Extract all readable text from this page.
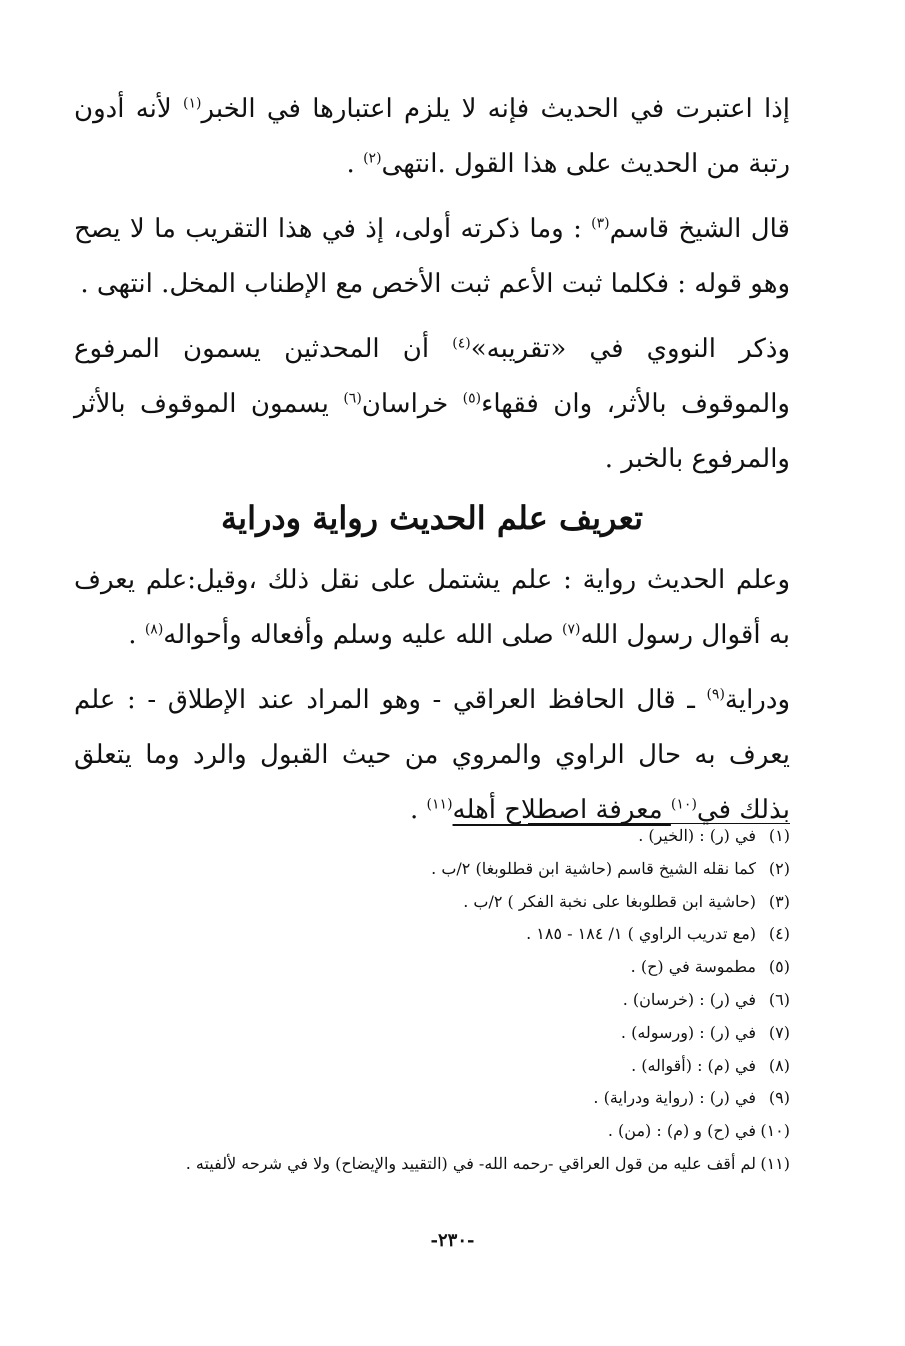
إذا اعتبرت في الحديث فإنه لا يلزم اعتبارها في الخبر$^{(١)}$ لأنه أدون رتبة من الحديث على هذا القول .انتهى$^{(٢)}$ .

قال الشيخ قاسم$^{(٣)}$ : وما ذكرته أولى، إذ في هذا التقريب ما لا يصح وهو قوله : فكلما ثبت الأعم ثبت الأخص مع الإطناب المخل. انتهى .

وذكر النووي في «تقريبه»$^{(٤)}$ أن المحدثين يسمون المرفوع والموقوف بالأثر، وان فقهاء$^{(٥)}$ خراسان$^{(٦)}$ يسمون الموقوف بالأثر والمرفوع بالخبر .

تعريف علم الحديث رواية ودراية

وعلم الحديث رواية : علم يشتمل على نقل ذلك ،وقيل:علم يعرف به أقوال رسول الله$^{(٧)}$ صلى الله عليه وسلم وأفعاله وأحواله$^{(٨)}$ .

ودراية$^{(٩)}$ ـ قال الحافظ العراقي - وهو المراد عند الإطلاق - : علم يعرف به حال الراوي والمروي من حيث القبول والرد وما يتعلق بذلك في$^{(١٠)}$ معرفة اصطلاح أهله$^{(١١)}$ .

(١)في (ر) : (الخير) .
(٢)كما نقله الشيخ قاسم (حاشية ابن قطلوبغا) ٢/ب .
(٣)(حاشية ابن قطلوبغا على نخبة الفكر ) ٢/ب .
(٤)(مع تدريب الراوي ) ١/ ١٨٤ - ١٨٥ .
(٥)مطموسة في (ح) .
(٦)في (ر) : (خرسان) .
(٧)في (ر) : (ورسوله) .
(٨)في (م) : (أقواله) .
(٩)في (ر) : (رواية ودراية) .
(١٠)في (ح) و (م) : (من) .
(١١)لم أقف عليه من قول العراقي -رحمه الله- في (التقييد والإيضاح) ولا في شرحه لألفيته .
-٢٣٠-
